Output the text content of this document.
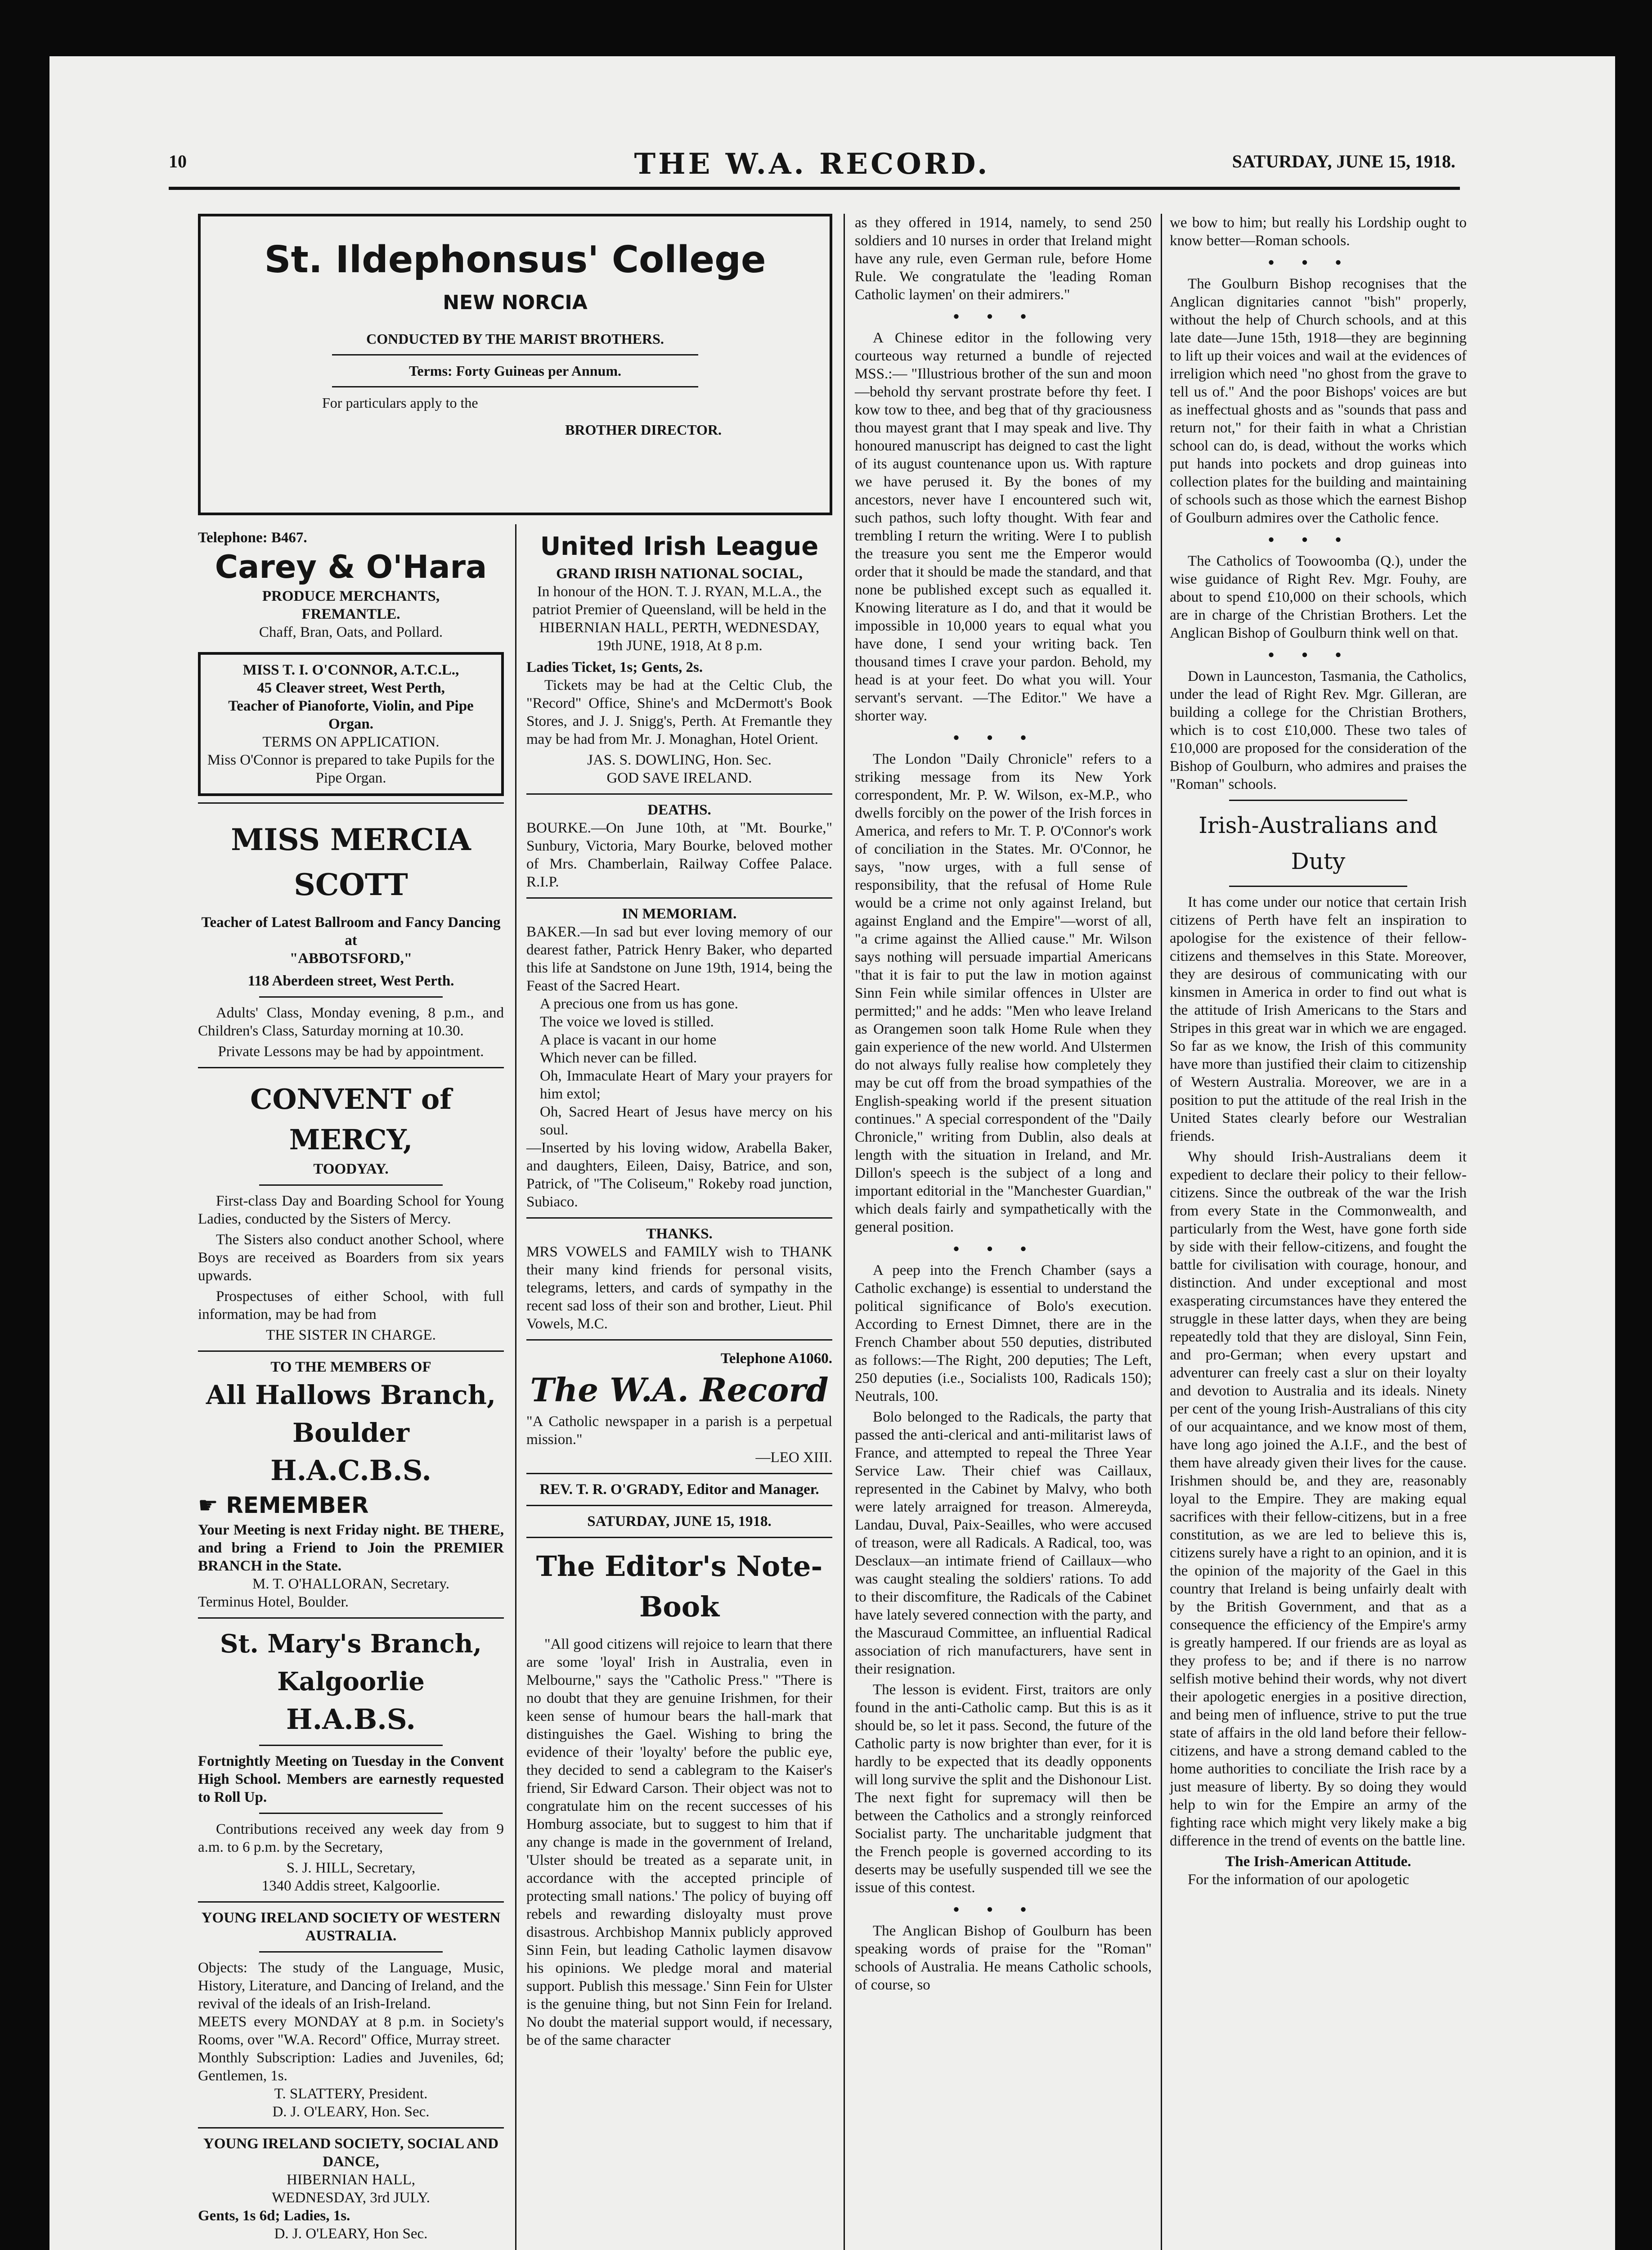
10	THE W.A. RECORD.	SATURDAY, JUNE 15, 1918.
St. Ildephonsus' College
NEW NORCIA
CONDUCTED BY THE MARIST BROTHERS.
Terms: Forty Guineas per Annum.
For particulars apply to the
BROTHER DIRECTOR.
Telephone: B467.
Carey & O'Hara
PRODUCE MERCHANTS,
FREMANTLE.
Chaff, Bran, Oats, and Pollard.
MISS T. I. O'CONNOR, A.T.C.L.,
45 Cleaver street, West Perth,
Teacher of Pianoforte, Violin, and Pipe Organ.
TERMS ON APPLICATION.
Miss O'Connor is prepared to take Pupils for the Pipe Organ.
MISS MERCIA SCOTT
Teacher of Latest Ballroom and Fancy Dancing at
"ABBOTSFORD,"
118 Aberdeen street, West Perth.

Adults' Class, Monday evening, 8 p.m., and Children's Class, Saturday morning at 10.30.

Private Lessons may be had by appointment.
CONVENT of MERCY,
TOODYAY.

First-class Day and Boarding School for Young Ladies, conducted by the Sisters of Mercy.

The Sisters also conduct another School, where Boys are received as Boarders from six years upwards.

Prospectuses of either School, with full information, may be had from

THE SISTER IN CHARGE.
TO THE MEMBERS OF
All Hallows Branch, Boulder
H.A.C.B.S.
☛ REMEMBER
Your Meeting is next Friday night. BE THERE, and bring a Friend to Join the PREMIER BRANCH in the State.
M. T. O'HALLORAN, Secretary.
Terminus Hotel, Boulder.
St. Mary's Branch, Kalgoorlie
H.A.B.S.
Fortnightly Meeting on Tuesday in the Convent High School. Members are earnestly requested to Roll Up.

Contributions received any week day from 9 a.m. to 6 p.m. by the Secretary,

S. J. HILL, Secretary,
1340 Addis street, Kalgoorlie.
YOUNG IRELAND SOCIETY OF WESTERN AUSTRALIA.
Objects: The study of the Language, Music, History, Literature, and Dancing of Ireland, and the revival of the ideals of an Irish-Ireland.
MEETS every MONDAY at 8 p.m. in Society's Rooms, over "W.A. Record" Office, Murray street.
Monthly Subscription: Ladies and Juveniles, 6d; Gentlemen, 1s.
T. SLATTERY, President.
D. J. O'LEARY, Hon. Sec.
YOUNG IRELAND SOCIETY, SOCIAL AND DANCE,
HIBERNIAN HALL,
WEDNESDAY, 3rd JULY.
Gents, 1s 6d; Ladies, 1s.
D. J. O'LEARY, Hon Sec.
United Irish League
GRAND IRISH NATIONAL SOCIAL,
In honour of the HON. T. J. RYAN, M.L.A., the patriot Premier of Queensland, will be held in the HIBERNIAN HALL, PERTH, WEDNESDAY, 19th JUNE, 1918, At 8 p.m.
Ladies Ticket, 1s; Gents, 2s.

Tickets may be had at the Celtic Club, the "Record" Office, Shine's and McDermott's Book Stores, and J. J. Snigg's, Perth. At Fremantle they may be had from Mr. J. Monaghan, Hotel Orient.

JAS. S. DOWLING, Hon. Sec.
GOD SAVE IRELAND.
DEATHS.
BOURKE.—On June 10th, at "Mt. Bourke," Sunbury, Victoria, Mary Bourke, beloved mother of Mrs. Chamberlain, Railway Coffee Palace. R.I.P.
IN MEMORIAM.
BAKER.—In sad but ever loving memory of our dearest father, Patrick Henry Baker, who departed this life at Sandstone on June 19th, 1914, being the Feast of the Sacred Heart.
A precious one from us has gone.
The voice we loved is stilled.
A place is vacant in our home
Which never can be filled.
Oh, Immaculate Heart of Mary your prayers for him extol;
Oh, Sacred Heart of Jesus have mercy on his soul.
—Inserted by his loving widow, Arabella Baker, and daughters, Eileen, Daisy, Batrice, and son, Patrick, of "The Coliseum," Rokeby road junction, Subiaco.
THANKS.
MRS VOWELS and FAMILY wish to THANK their many kind friends for personal visits, telegrams, letters, and cards of sympathy in the recent sad loss of their son and brother, Lieut. Phil Vowels, M.C.
Telephone A1060.
The W.A. Record
"A Catholic newspaper in a parish is a perpetual mission."
—LEO XIII.
REV. T. R. O'GRADY, Editor and Manager.
SATURDAY, JUNE 15, 1918.
The Editor's Note-Book

"All good citizens will rejoice to learn that there are some 'loyal' Irish in Australia, even in Melbourne," says the "Catholic Press." "There is no doubt that they are genuine Irishmen, for their keen sense of humour bears the hall-mark that distinguishes the Gael. Wishing to bring the evidence of their 'loyalty' before the public eye, they decided to send a cablegram to the Kaiser's friend, Sir Edward Carson. Their object was not to congratulate him on the recent successes of his Homburg associate, but to suggest to him that if any change is made in the government of Ireland, 'Ulster should be treated as a separate unit, in accordance with the accepted principle of protecting small nations.' The policy of buying off rebels and rewarding disloyalty must prove disastrous. Archbishop Mannix publicly approved Sinn Fein, but leading Catholic laymen disavow his opinions. We pledge moral and material support. Publish this message.' Sinn Fein for Ulster is the genuine thing, but not Sinn Fein for Ireland. No doubt the material support would, if necessary, be of the same character

as they offered in 1914, namely, to send 250 soldiers and 10 nurses in order that Ireland might have any rule, even German rule, before Home Rule. We congratulate the 'leading Roman Catholic laymen' on their admirers."

●●●

A Chinese editor in the following very courteous way returned a bundle of rejected MSS.:— "Illustrious brother of the sun and moon—behold thy servant prostrate before thy feet. I kow tow to thee, and beg that of thy graciousness thou mayest grant that I may speak and live. Thy honoured manuscript has deigned to cast the light of its august countenance upon us. With rapture we have perused it. By the bones of my ancestors, never have I encountered such wit, such pathos, such lofty thought. With fear and trembling I return the writing. Were I to publish the treasure you sent me the Emperor would order that it should be made the standard, and that none be published except such as equalled it. Knowing literature as I do, and that it would be impossible in 10,000 years to equal what you have done, I send your writing back. Ten thousand times I crave your pardon. Behold, my head is at your feet. Do what you will. Your servant's servant. —The Editor." We have a shorter way.

●●●

The London "Daily Chronicle" refers to a striking message from its New York correspondent, Mr. P. W. Wilson, ex-M.P., who dwells forcibly on the power of the Irish forces in America, and refers to Mr. T. P. O'Connor's work of conciliation in the States. Mr. O'Connor, he says, "now urges, with a full sense of responsibility, that the refusal of Home Rule would be a crime not only against Ireland, but against England and the Empire"—worst of all, "a crime against the Allied cause." Mr. Wilson says nothing will persuade impartial Americans "that it is fair to put the law in motion against Sinn Fein while similar offences in Ulster are permitted;" and he adds: "Men who leave Ireland as Orangemen soon talk Home Rule when they gain experience of the new world. And Ulstermen do not always fully realise how completely they may be cut off from the broad sympathies of the English-speaking world if the present situation continues." A special correspondent of the "Daily Chronicle," writing from Dublin, also deals at length with the situation in Ireland, and Mr. Dillon's speech is the subject of a long and important editorial in the "Manchester Guardian," which deals fairly and sympathetically with the general position.

●●●

A peep into the French Chamber (says a Catholic exchange) is essential to understand the political significance of Bolo's execution. According to Ernest Dimnet, there are in the French Chamber about 550 deputies, distributed as follows:—The Right, 200 deputies; The Left, 250 deputies (i.e., Socialists 100, Radicals 150); Neutrals, 100.

Bolo belonged to the Radicals, the party that passed the anti-clerical and anti-militarist laws of France, and attempted to repeal the Three Year Service Law. Their chief was Caillaux, represented in the Cabinet by Malvy, who both were lately arraigned for treason. Almereyda, Landau, Duval, Paix-Seailles, who were accused of treason, were all Radicals. A Radical, too, was Desclaux—an intimate friend of Caillaux—who was caught stealing the soldiers' rations. To add to their discomfiture, the Radicals of the Cabinet have lately severed connection with the party, and the Mascuraud Committee, an influential Radical association of rich manufacturers, have sent in their resignation.

The lesson is evident. First, traitors are only found in the anti-Catholic camp. But this is as it should be, so let it pass. Second, the future of the Catholic party is now brighter than ever, for it is hardly to be expected that its deadly opponents will long survive the split and the Dishonour List. The next fight for supremacy will then be between the Catholics and a strongly reinforced Socialist party. The uncharitable judgment that the French people is governed according to its deserts may be usefully suspended till we see the issue of this contest.

●●●

The Anglican Bishop of Goulburn has been speaking words of praise for the "Roman" schools of Australia. He means Catholic schools, of course, so

we bow to him; but really his Lordship ought to know better—Roman schools.

●●●

The Goulburn Bishop recognises that the Anglican dignitaries cannot "bish" properly, without the help of Church schools, and at this late date—June 15th, 1918—they are beginning to lift up their voices and wail at the evidences of irreligion which need "no ghost from the grave to tell us of." And the poor Bishops' voices are but as ineffectual ghosts and as "sounds that pass and return not," for their faith in what a Christian school can do, is dead, without the works which put hands into pockets and drop guineas into collection plates for the building and maintaining of schools such as those which the earnest Bishop of Goulburn admires over the Catholic fence.

●●●

The Catholics of Toowoomba (Q.), under the wise guidance of Right Rev. Mgr. Fouhy, are about to spend £10,000 on their schools, which are in charge of the Christian Brothers. Let the Anglican Bishop of Goulburn think well on that.

●●●

Down in Launceston, Tasmania, the Catholics, under the lead of Right Rev. Mgr. Gilleran, are building a college for the Christian Brothers, which is to cost £10,000. These two tales of £10,000 are proposed for the consideration of the Bishop of Goulburn, who admires and praises the "Roman" schools.

Irish-Australians and Duty

It has come under our notice that certain Irish citizens of Perth have felt an inspiration to apologise for the existence of their fellow-citizens and themselves in this State. Moreover, they are desirous of communicating with our kinsmen in America in order to find out what is the attitude of Irish Americans to the Stars and Stripes in this great war in which we are engaged. So far as we know, the Irish of this community have more than justified their claim to citizenship of Western Australia. Moreover, we are in a position to put the attitude of the real Irish in the United States clearly before our Westralian friends.

Why should Irish-Australians deem it expedient to declare their policy to their fellow-citizens. Since the outbreak of the war the Irish from every State in the Commonwealth, and particularly from the West, have gone forth side by side with their fellow-citizens, and fought the battle for civilisation with courage, honour, and distinction. And under exceptional and most exasperating circumstances have they entered the struggle in these latter days, when they are being repeatedly told that they are disloyal, Sinn Fein, and pro-German; when every upstart and adventurer can freely cast a slur on their loyalty and devotion to Australia and its ideals. Ninety per cent of the young Irish-Australians of this city of our acquaintance, and we know most of them, have long ago joined the A.I.F., and the best of them have already given their lives for the cause. Irishmen should be, and they are, reasonably loyal to the Empire. They are making equal sacrifices with their fellow-citizens, but in a free constitution, as we are led to believe this is, citizens surely have a right to an opinion, and it is the opinion of the majority of the Gael in this country that Ireland is being unfairly dealt with by the British Government, and that as a consequence the efficiency of the Empire's army is greatly hampered. If our friends are as loyal as they profess to be; and if there is no narrow selfish motive behind their words, why not divert their apologetic energies in a positive direction, and being men of influence, strive to put the true state of affairs in the old land before their fellow-citizens, and have a strong demand cabled to the home authorities to conciliate the Irish race by a just measure of liberty. By so doing they would help to win for the Empire an army of the fighting race which might very likely make a big difference in the trend of events on the battle line.

The Irish-American Attitude.

For the information of our apologetic
